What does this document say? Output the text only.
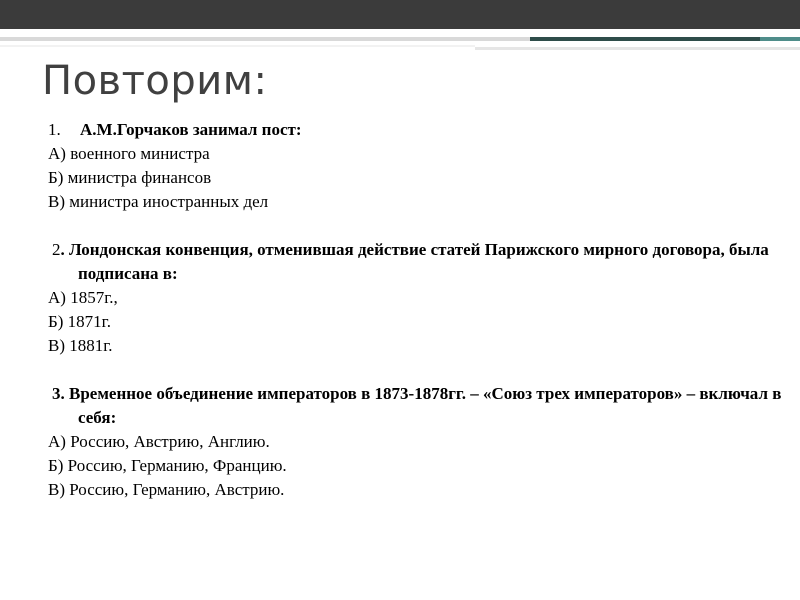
Повторим:
1. А.М.Горчаков занимал пост:
А) военного министра
Б) министра финансов
В) министра иностранных дел
2. Лондонская конвенция, отменившая действие статей Парижского мирного договора, была подписана в:
А) 1857г.,
Б) 1871г.
В) 1881г.
3. Временное объединение императоров в 1873-1878гг. – «Союз трех императоров» – включал в себя:
А) Россию, Австрию, Англию.
Б) Россию, Германию, Францию.
В) Россию, Германию, Австрию.
